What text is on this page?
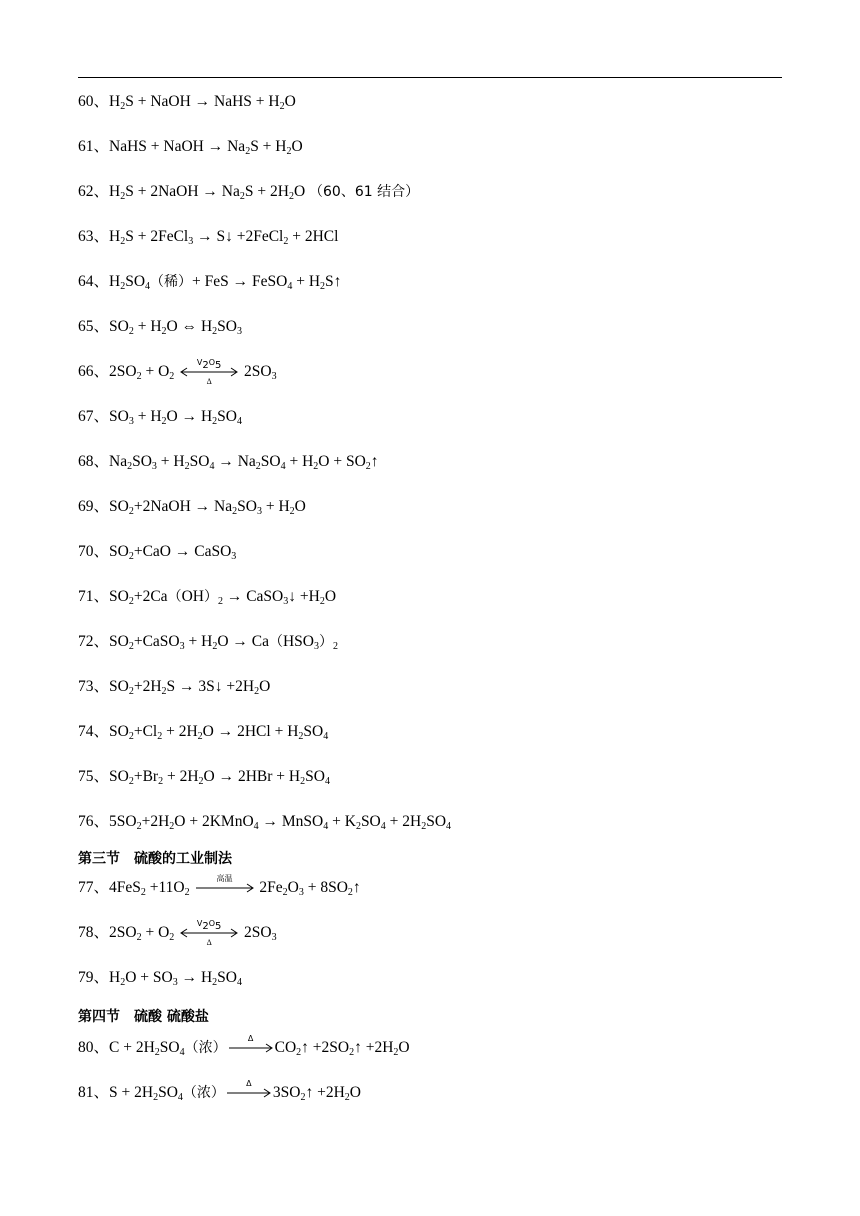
60、$H_2S$ + NaOH → NaHS + $H_2O$
61、NaHS + NaOH → $Na_2S + H_2O$
62、$H_2S$ + 2NaOH → $Na_2S + 2H_2O$ （60、61 结合）
63、$H_2S$ + 2FeCl$_3$ → S↓ +2FeCl$_2$ + 2HCl
64、$H_2SO_4$（稀）+ FeS → FeSO$_4$ + $H_2S↑$
65、$SO_2 + H_2O$ ⇔ $H_2SO_3$
66、$2SO_2 + O_2$
$V_2O_5$
Δ
$2SO_3$
67、$SO_3 + H_2O \to H_2SO_4$
68、$Na_2SO_3 + H_2SO_4 \to Na_2SO_4 + H_2O$ + $SO_2↑$
69、$SO_2+2NaOH \to Na_2SO_3 + H_2O$
70、$SO_2+CaO$ → CaSO$_3$
71、$SO_2+2Ca(OH)_2$ → CaSO$_3$↓ $+H_2O$
72、$SO_2+CaSO_3 + H_2O \to Ca(HSO_3)_2$
73、$SO_2+2H_2S$ → 3S↓ $+2H_2O$
74、$SO_2+Cl_2 + 2H_2O \to 2HCl + H_2SO_4$
75、$SO_2+Br_2 + 2H_2O \to 2HBr + H_2SO_4$
76、$5SO_2+2H_2O$ + 2KMnO$_4$ → MnSO$_4$ + $K_2SO_4 + 2H_2SO_4$
第三节 硫酸的工业制法
77、$4FeS_2 +11O_2$
高温
$2Fe_2O_3$ + $8SO_2↑$
78、$2SO_2 + O_2$
$V_2O_5$
Δ
$2SO_3$
79、$H_2O + SO_3 \to H_2SO_4$
第四节 硫酸 硫酸盐
80、$C + 2H_2SO_4$（浓）
Δ
$CO_2↑$ $+2SO_2↑ +2H_2O$
81、$S + 2H_2SO_4$（浓）
Δ
$3SO_2↑ +2H_2O$
